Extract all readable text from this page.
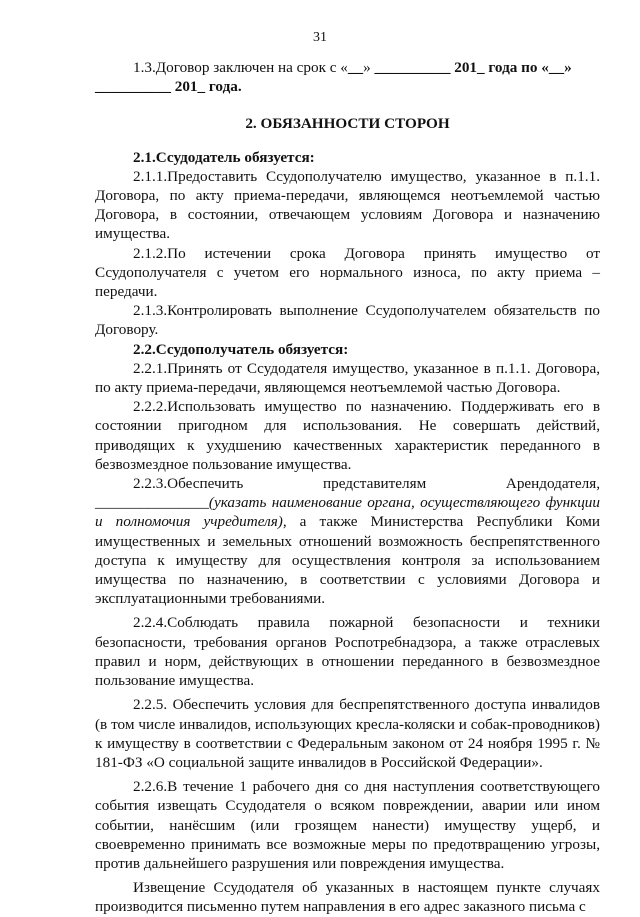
31

1.3.Договор заключен на срок с «__» __________ 201_ года по «__»

__________ 201_ года.

2. ОБЯЗАННОСТИ СТОРОН

2.1.Ссудодатель обязуется:

2.1.1.Предоставить Ссудополучателю имущество, указанное в п.1.1. Договора, по акту приема-передачи, являющемся неотъемлемой частью Договора, в состоянии, отвечающем условиям Договора и назначению имущества.

2.1.2.По истечении срока Договора принять имущество от Ссудополучателя с учетом его нормального износа, по акту приема – передачи.

2.1.3.Контролировать выполнение Ссудополучателем обязательств по Договору.

2.2.Ссудополучатель обязуется:

2.2.1.Принять от Ссудодателя имущество, указанное в п.1.1. Договора, по акту приема-передачи, являющемся неотъемлемой частью Договора.

2.2.2.Использовать имущество по назначению. Поддерживать его в состоянии пригодном для использования. Не совершать действий, приводящих к ухудшению качественных характеристик переданного в безвозмездное пользование имущества.

2.2.3.Обеспечить представителям Арендодателя,

_______________(указать наименование органа, осуществляющего функции и полномочия учредителя), а также Министерства Республики Коми имущественных и земельных отношений возможность беспрепятственного доступа к имуществу для осуществления контроля за использованием имущества по назначению, в соответствии с условиями Договора и эксплуатационными требованиями.

2.2.4.Соблюдать правила пожарной безопасности и техники безопасности, требования органов Роспотребнадзора, а также отраслевых правил и норм, действующих в отношении переданного в безвозмездное пользование имущества.

2.2.5. Обеспечить условия для беспрепятственного доступа инвалидов (в том числе инвалидов, использующих кресла-коляски и собак-проводников) к имуществу в соответствии с Федеральным законом от 24 ноября 1995 г. № 181-ФЗ «О социальной защите инвалидов в Российской Федерации».

2.2.6.В течение 1 рабочего дня со дня наступления соответствующего события извещать Ссудодателя о всяком повреждении, аварии или ином событии, нанёсшим (или грозящем нанести) имуществу ущерб, и своевременно принимать все возможные меры по предотвращению угрозы, против дальнейшего разрушения или повреждения имущества.

Извещение Ссудодателя об указанных в настоящем пункте случаях производится письменно путем направления в его адрес заказного письма с
